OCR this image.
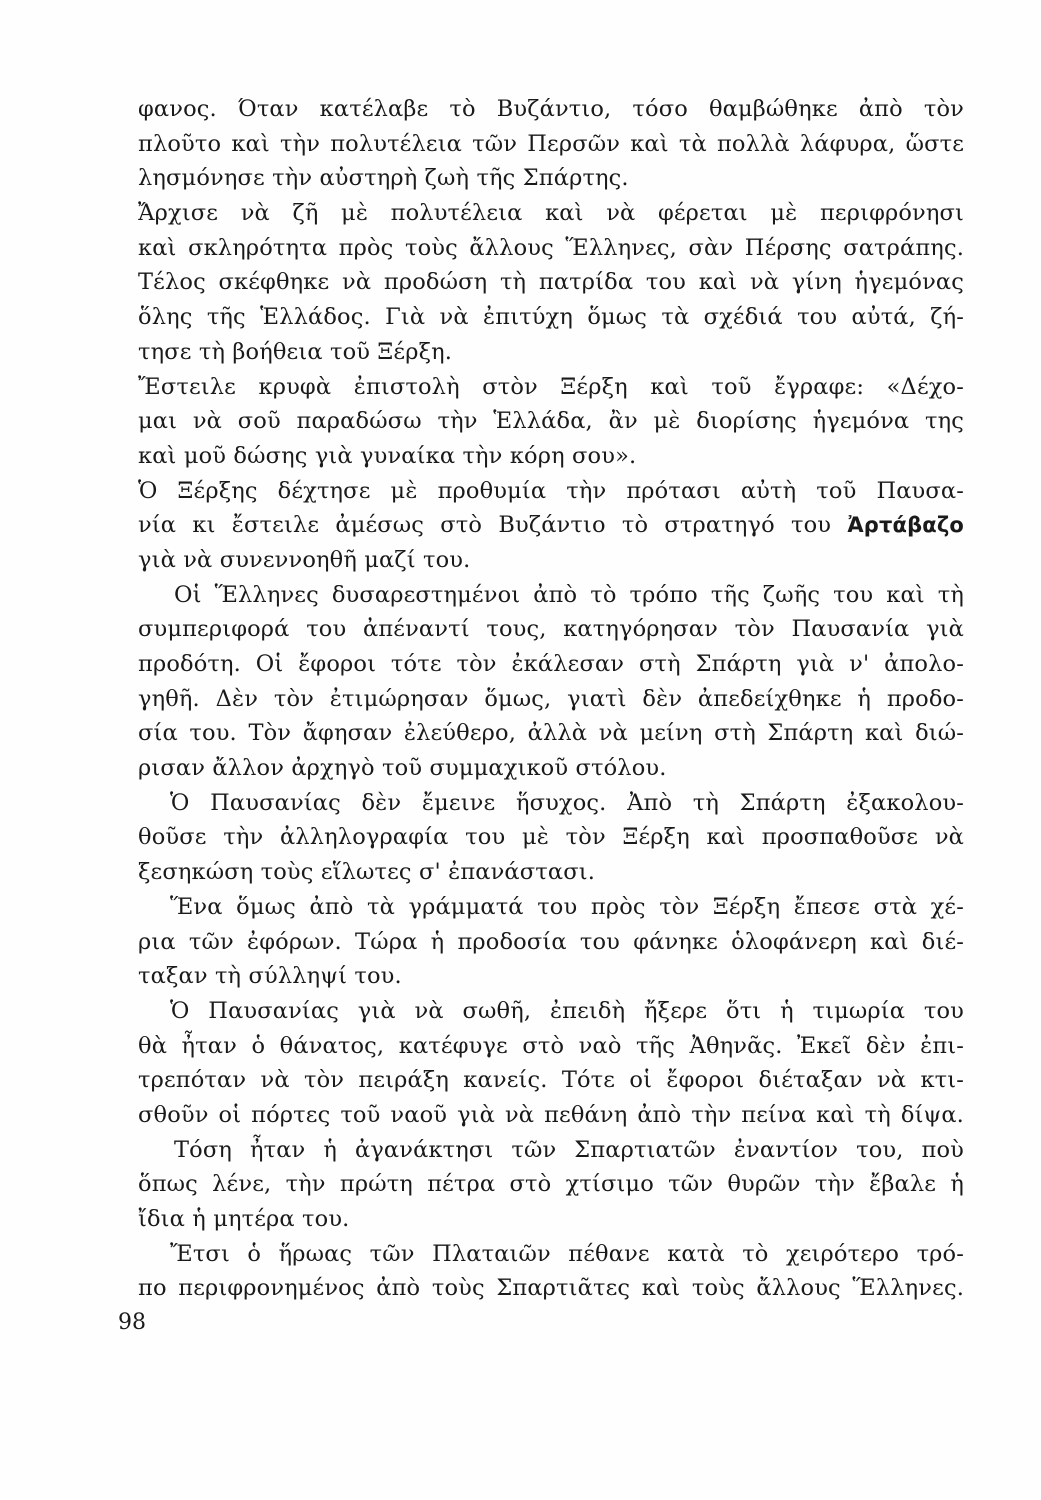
φανος. Όταν κατέλαβε τὸ Βυζάντιο, τόσο θαμβώθηκε ἀπὸ τὸν
πλοῦτο καὶ τὴν πολυτέλεια τῶν Περσῶν καὶ τὰ πολλὰ λάφυρα, ὥστε
λησμόνησε τὴν αὐστηρὴ ζωὴ τῆς Σπάρτης.
Ἄρχισε νὰ ζῆ μὲ πολυτέλεια καὶ νὰ φέρεται μὲ περιφρόνησι
καὶ σκληρότητα πρὸς τοὺς ἄλλους Ἕλληνες, σὰν Πέρσης σατράπης.
Τέλος σκέφθηκε νὰ προδώση τὴ πατρίδα του καὶ νὰ γίνη ἡγεμόνας
ὅλης τῆς Ἑλλάδος. Γιὰ νὰ ἐπιτύχη ὅμως τὰ σχέδιά του αὐτά, ζή-
τησε τὴ βοήθεια τοῦ Ξέρξη.
Ἔστειλε κρυφὰ ἐπιστολὴ στὸν Ξέρξη καὶ τοῦ ἔγραφε: «Δέχο-
μαι νὰ σοῦ παραδώσω τὴν Ἑλλάδα, ἂν μὲ διορίσης ἡγεμόνα της
καὶ μοῦ δώσης γιὰ γυναίκα τὴν κόρη σου».
Ὁ Ξέρξης δέχτησε μὲ προθυμία τὴν πρότασι αὐτὴ τοῦ Παυσα-
νία κι ἔστειλε ἀμέσως στὸ Βυζάντιο τὸ στρατηγό του Ἀρτάβαζο
γιὰ νὰ συνεννοηθῆ μαζί του.
Οἱ Ἕλληνες δυσαρεστημένοι ἀπὸ τὸ τρόπο τῆς ζωῆς του καὶ τὴ
συμπεριφορά του ἀπέναντί τους, κατηγόρησαν τὸν Παυσανία γιὰ
προδότη. Οἱ ἔφοροι τότε τὸν ἐκάλεσαν στὴ Σπάρτη γιὰ ν' ἀπολο-
γηθῆ. Δὲν τὸν ἐτιμώρησαν ὅμως, γιατὶ δὲν ἀπεδείχθηκε ἡ προδο-
σία του. Τὸν ἄφησαν ἐλεύθερο, ἀλλὰ νὰ μείνη στὴ Σπάρτη καὶ διώ-
ρισαν ἄλλον ἀρχηγὸ τοῦ συμμαχικοῦ στόλου.
Ὁ Παυσανίας δὲν ἔμεινε ἥσυχος. Ἀπὸ τὴ Σπάρτη ἐξακολου-
θοῦσε τὴν ἀλληλογραφία του μὲ τὸν Ξέρξη καὶ προσπαθοῦσε νὰ
ξεσηκώση τοὺς εἵλωτες σ' ἐπανάστασι.
Ἕνα ὅμως ἀπὸ τὰ γράμματά του πρὸς τὸν Ξέρξη ἔπεσε στὰ χέ-
ρια τῶν ἐφόρων. Τώρα ἡ προδοσία του φάνηκε ὁλοφάνερη καὶ διέ-
ταξαν τὴ σύλληψί του.
Ὁ Παυσανίας γιὰ νὰ σωθῆ, ἐπειδὴ ἤξερε ὅτι ἡ τιμωρία του
θὰ ἦταν ὁ θάνατος, κατέφυγε στὸ ναὸ τῆς Ἀθηνᾶς. Ἐκεῖ δὲν ἐπι-
τρεπόταν νὰ τὸν πειράξη κανείς. Τότε οἱ ἔφοροι διέταξαν νὰ κτι-
σθοῦν οἱ πόρτες τοῦ ναοῦ γιὰ νὰ πεθάνη ἀπὸ τὴν πείνα καὶ τὴ δίψα.
Τόση ἦταν ἡ ἀγανάκτησι τῶν Σπαρτιατῶν ἐναντίον του, ποὺ
ὅπως λένε, τὴν πρώτη πέτρα στὸ χτίσιμο τῶν θυρῶν τὴν ἔβαλε ἡ
ἴδια ἡ μητέρα του.
Ἔτσι ὁ ἥρωας τῶν Πλαταιῶν πέθανε κατὰ τὸ χειρότερο τρό-
πο περιφρονημένος ἀπὸ τοὺς Σπαρτιᾶτες καὶ τοὺς ἄλλους Ἕλληνες.
98
